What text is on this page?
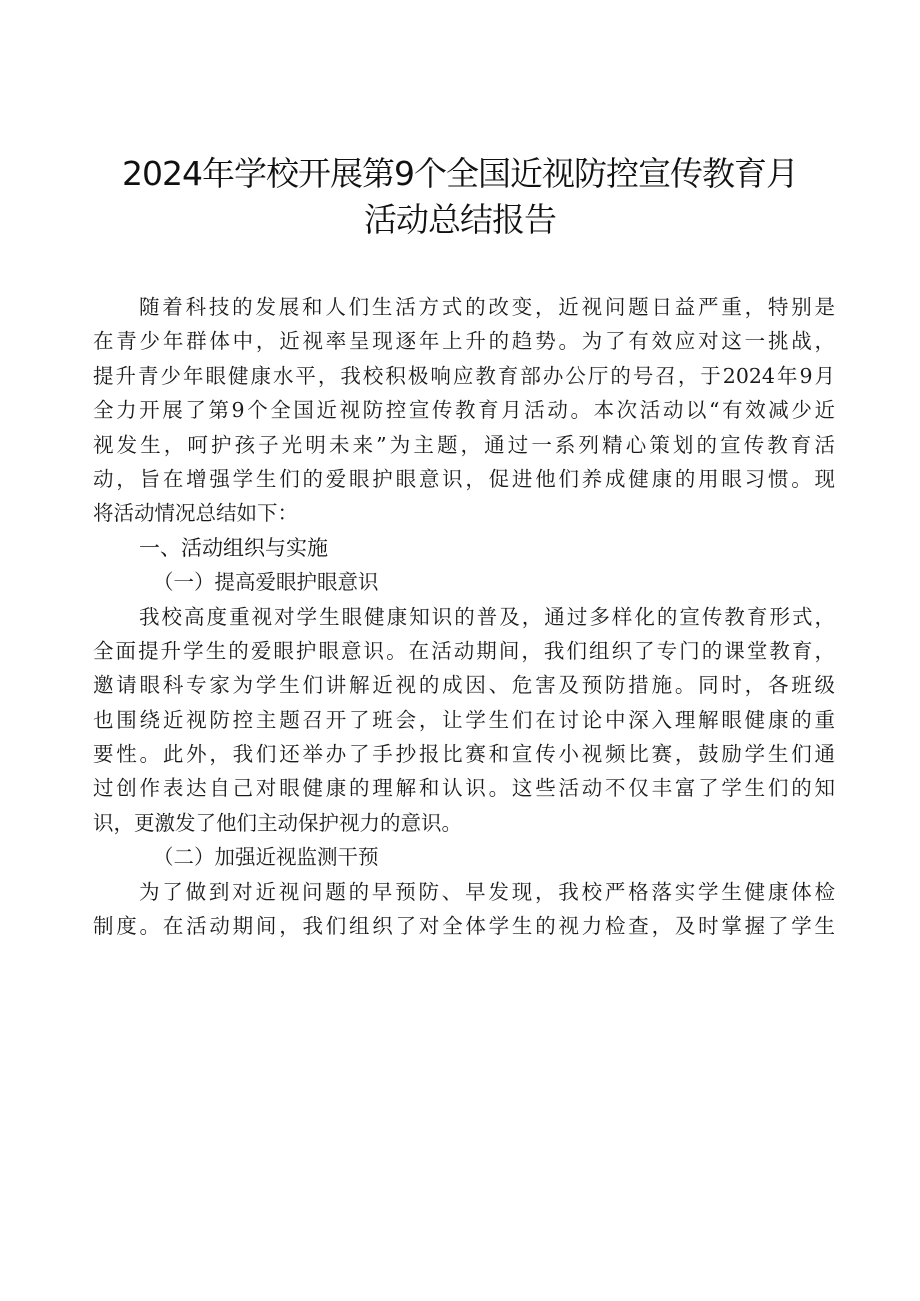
2024年学校开展第9个全国近视防控宣传教育月
活动总结报告
随着科技的发展和人们生活方式的改变，近视问题日益严重，特别是
在青少年群体中，近视率呈现逐年上升的趋势。为了有效应对这一挑战，
提升青少年眼健康水平，我校积极响应教育部办公厅的号召，于2024年9月
全力开展了第9个全国近视防控宣传教育月活动。本次活动以“有效减少近
视发生，呵护孩子光明未来”为主题，通过一系列精心策划的宣传教育活
动，旨在增强学生们的爱眼护眼意识，促进他们养成健康的用眼习惯。现
将活动情况总结如下：
一、活动组织与实施
（一）提高爱眼护眼意识
我校高度重视对学生眼健康知识的普及，通过多样化的宣传教育形式，
全面提升学生的爱眼护眼意识。在活动期间，我们组织了专门的课堂教育，
邀请眼科专家为学生们讲解近视的成因、危害及预防措施。同时，各班级
也围绕近视防控主题召开了班会，让学生们在讨论中深入理解眼健康的重
要性。此外，我们还举办了手抄报比赛和宣传小视频比赛，鼓励学生们通
过创作表达自己对眼健康的理解和认识。这些活动不仅丰富了学生们的知
识，更激发了他们主动保护视力的意识。
（二）加强近视监测干预
为了做到对近视问题的早预防、早发现，我校严格落实学生健康体检
制度。在活动期间，我们组织了对全体学生的视力检查，及时掌握了学生
